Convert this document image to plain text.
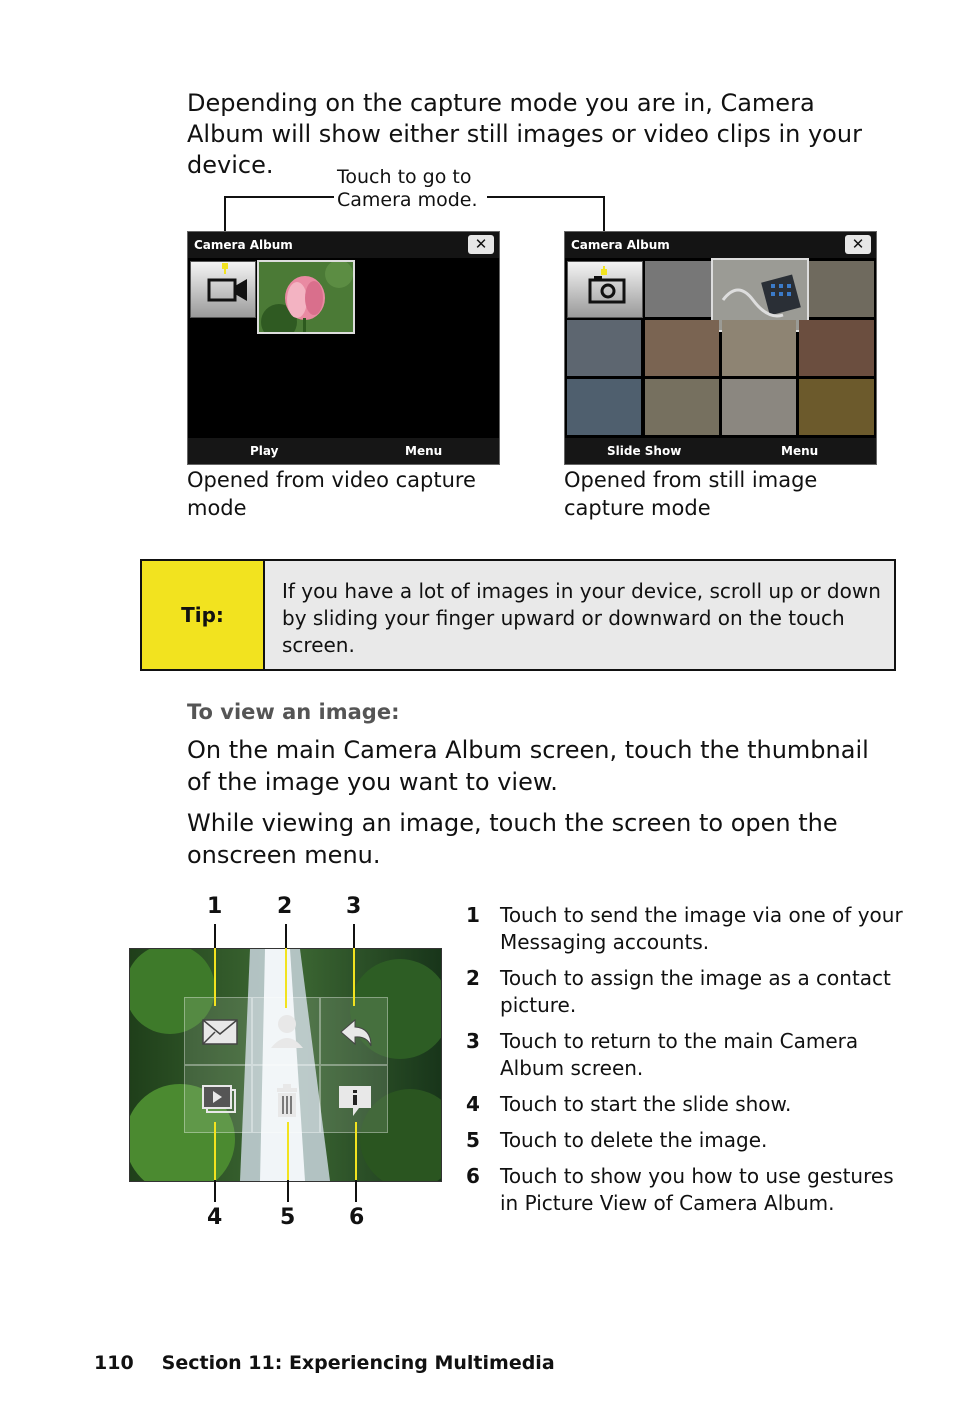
Depending on the capture mode you are in, Camera Album will show either still images or video clips in your device.	Touch to go to
Camera mode.
Camera Album	✕
Play	Menu
Camera Album	✕
Slide Show	Menu
Opened from video capture mode
Opened from still image capture mode
Tip:
If you have a lot of images in your device, scroll up or down by sliding your finger upward or downward on the touch screen.
To view an image:
On the main Camera Album screen, touch the thumbnail of the image you want to view.
While viewing an image, touch the screen to open the onscreen menu.
1 2 3
4	5 6
1 Touch to send the image via one of your Messaging accounts.
2 Touch to assign the image as a contact picture.
3 Touch to return to the main Camera Album screen.
4 Touch to start the slide show.
5 Touch to delete the image.
6 Touch to show you how to use gestures in Picture View of Camera Album.
110 Section 11: Experiencing Multimedia
